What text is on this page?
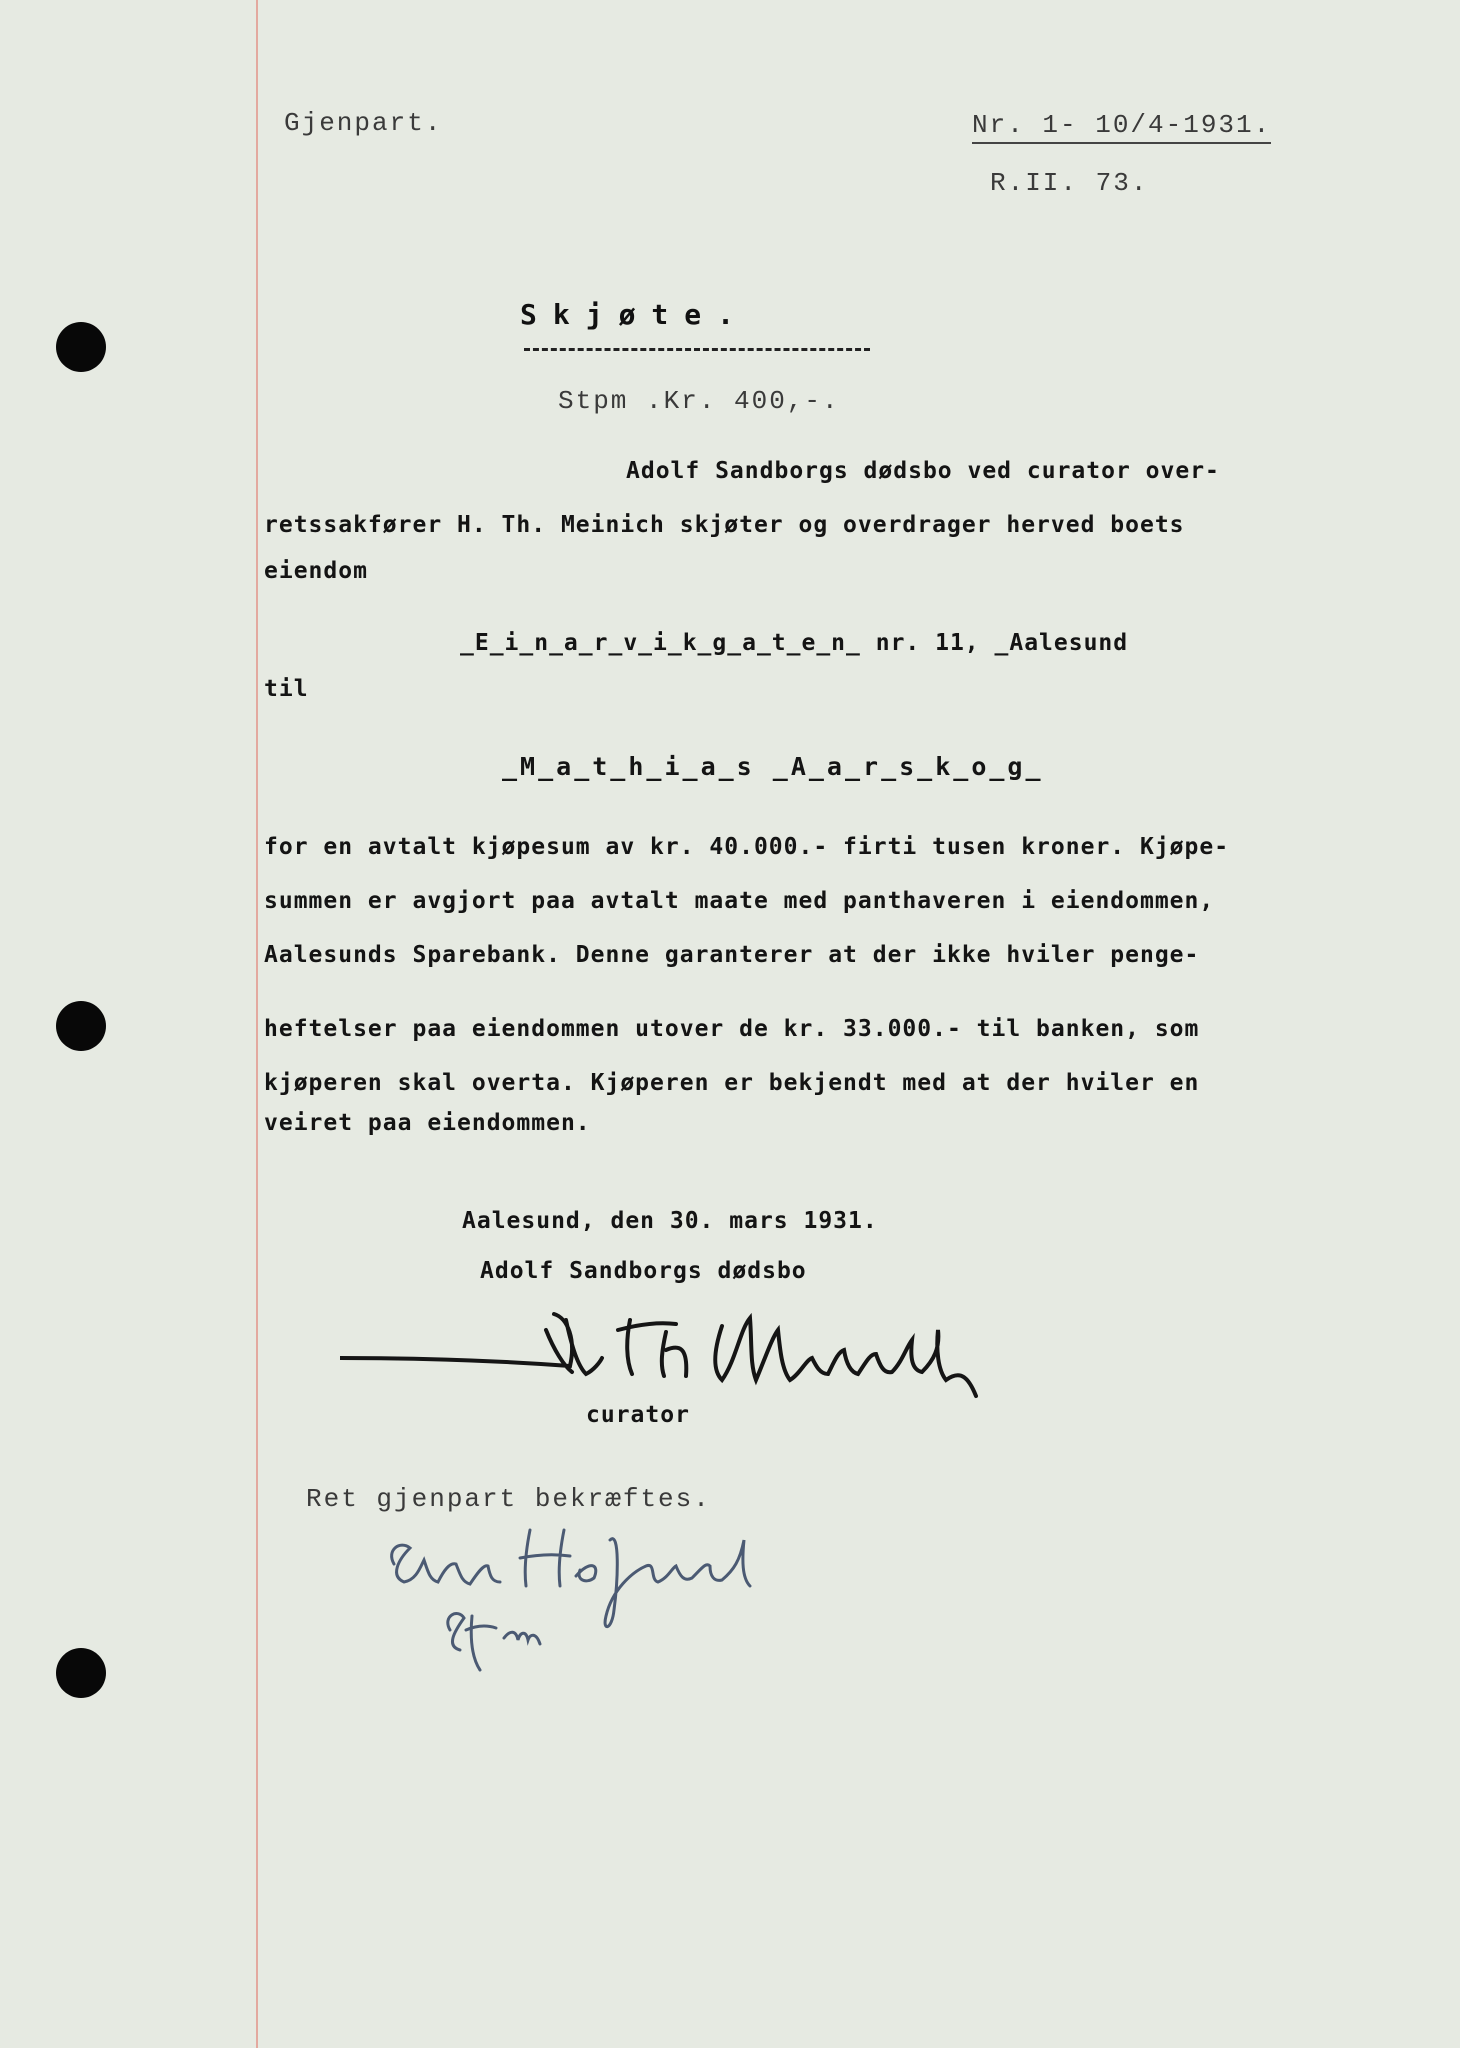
Gjenpart.	Nr. 1- 10/4-1931.
R.II. 73.
Skjøte.
Stpm .Kr. 400,-.
Adolf Sandborgs dødsbo ved curator over-
retssakfører H. Th. Meinich skjøter og overdrager herved boets
eiendom
_E_i_n_a_r_v_i_k_g_a_t_e_n_ nr. 11, _Aalesund
til
_M_a_t_h_i_a_s _A_a_r_s_k_o_g_
for en avtalt kjøpesum av kr. 40.000.- firti tusen kroner. Kjøpe-
summen er avgjort paa avtalt maate med panthaveren i eiendommen,
Aalesunds Sparebank. Denne garanterer at der ikke hviler penge-
heftelser paa eiendommen utover de kr. 33.000.- til banken, som
kjøperen skal overta. Kjøperen er bekjendt med at der hviler en
veiret paa eiendommen.
Aalesund, den 30. mars 1931.
Adolf Sandborgs dødsbo
curator
Ret gjenpart bekræftes.
